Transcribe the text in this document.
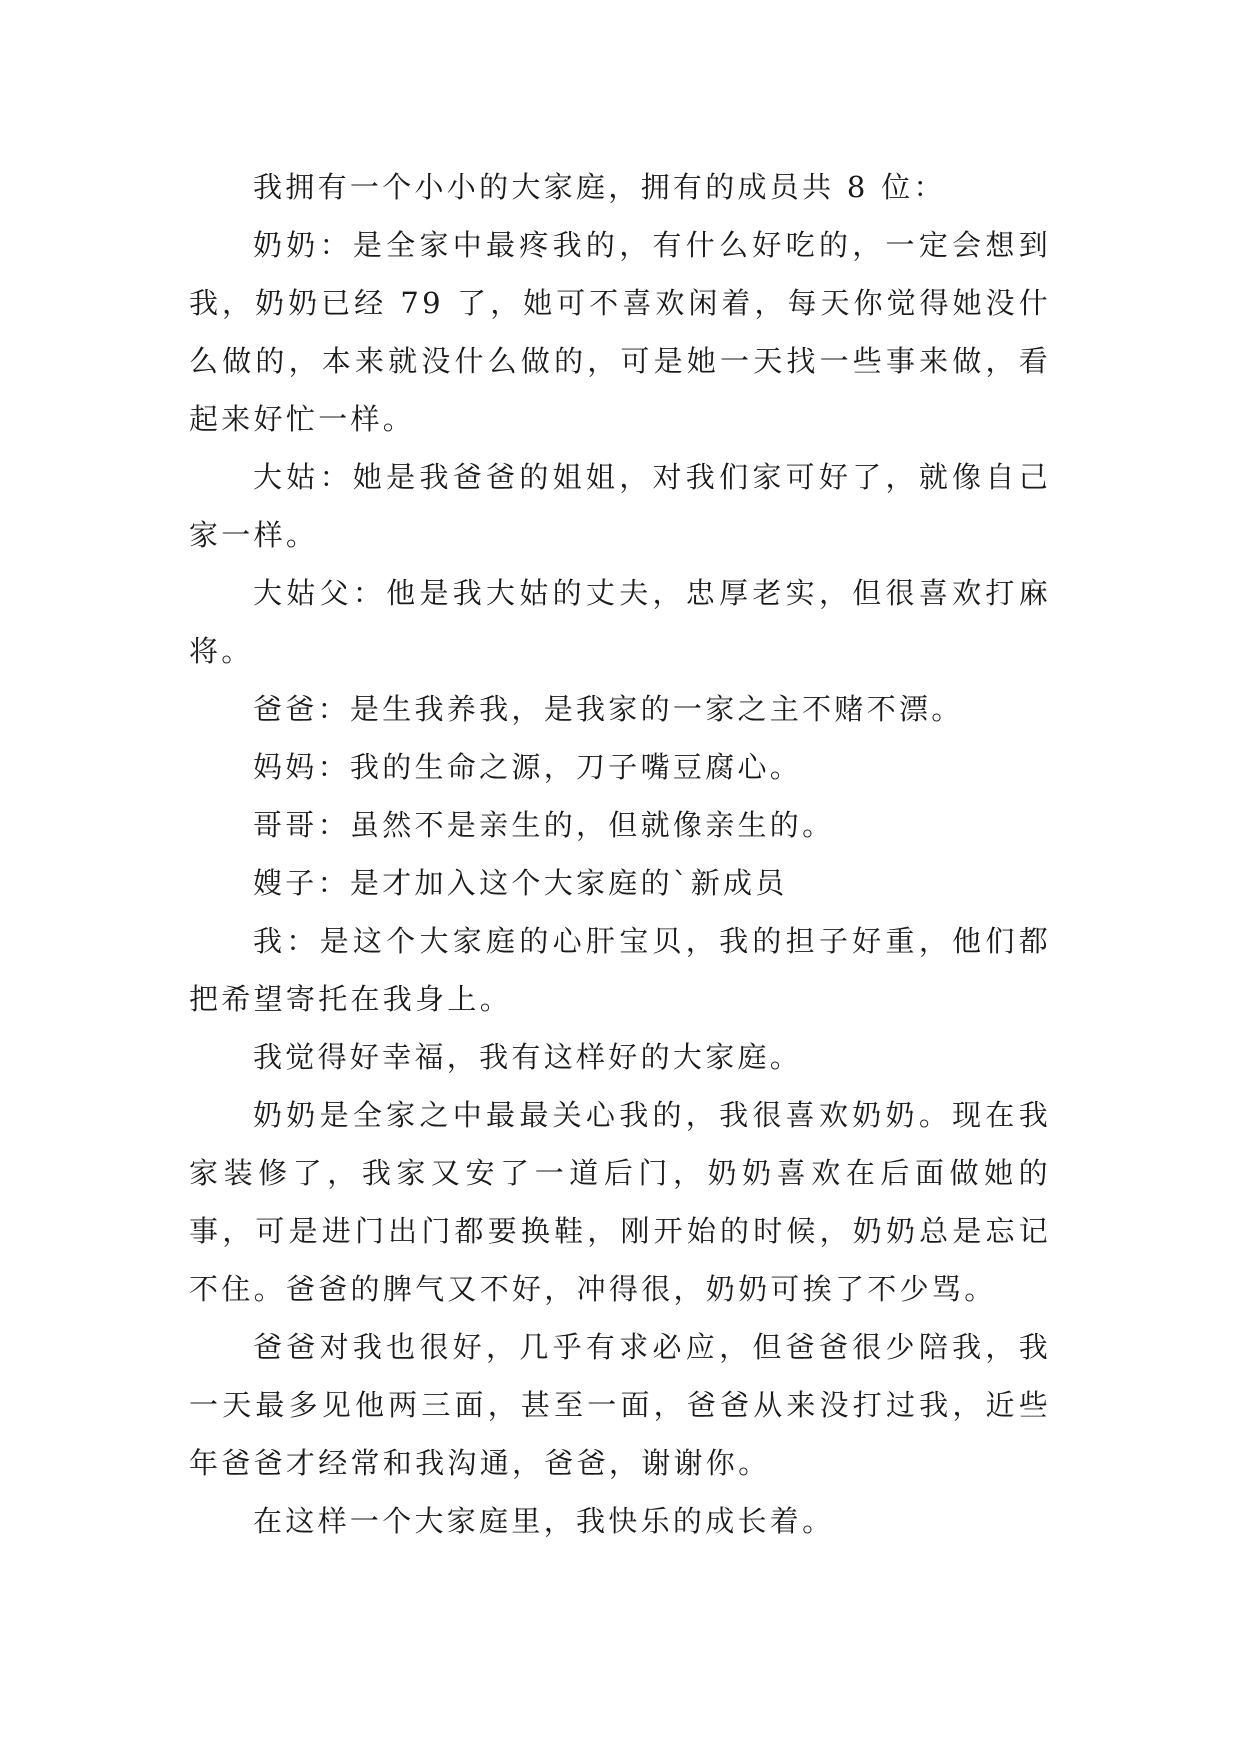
我拥有一个小小的大家庭，拥有的成员共 8 位：

奶奶：是全家中最疼我的，有什么好吃的，一定会想到我，奶奶已经 79 了，她可不喜欢闲着，每天你觉得她没什么做的，本来就没什么做的，可是她一天找一些事来做，看起来好忙一样。

大姑：她是我爸爸的姐姐，对我们家可好了，就像自己家一样。

大姑父：他是我大姑的丈夫，忠厚老实，但很喜欢打麻将。

爸爸：是生我养我，是我家的一家之主不赌不漂。

妈妈：我的生命之源，刀子嘴豆腐心。

哥哥：虽然不是亲生的，但就像亲生的。

嫂子：是才加入这个大家庭的`新成员

我：是这个大家庭的心肝宝贝，我的担子好重，他们都把希望寄托在我身上。

我觉得好幸福，我有这样好的大家庭。

奶奶是全家之中最最关心我的，我很喜欢奶奶。现在我家装修了，我家又安了一道后门，奶奶喜欢在后面做她的事，可是进门出门都要换鞋，刚开始的时候，奶奶总是忘记不住。爸爸的脾气又不好，冲得很，奶奶可挨了不少骂。

爸爸对我也很好，几乎有求必应，但爸爸很少陪我，我一天最多见他两三面，甚至一面，爸爸从来没打过我，近些年爸爸才经常和我沟通，爸爸，谢谢你。

在这样一个大家庭里，我快乐的成长着。
